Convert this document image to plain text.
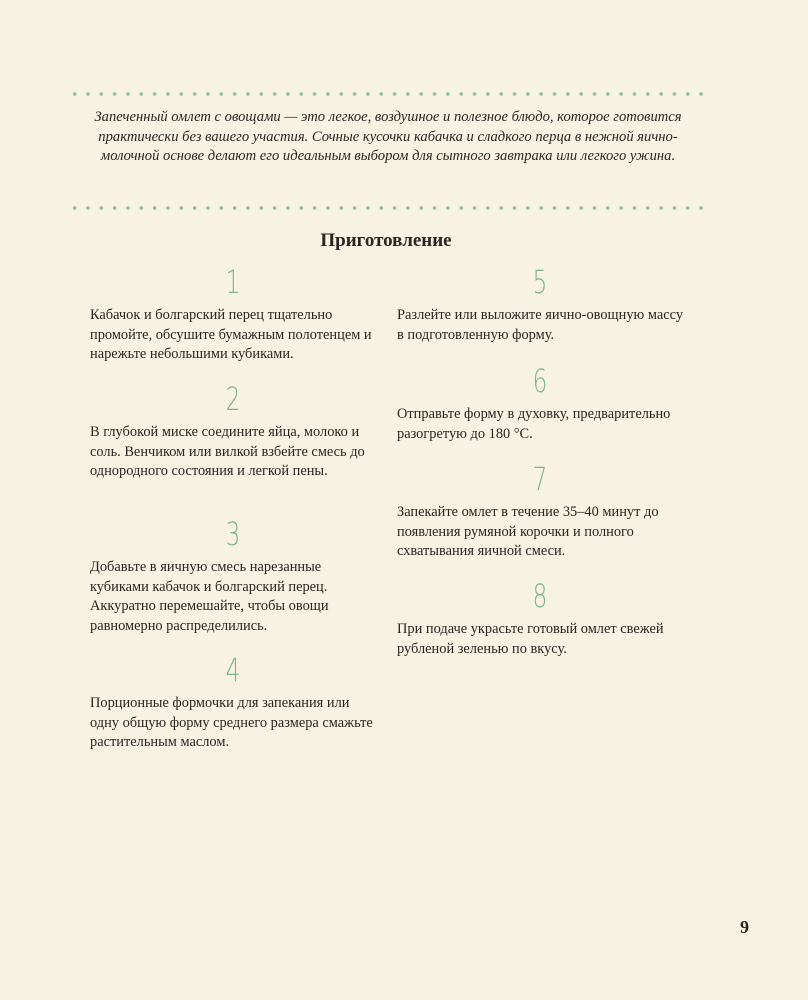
Запеченный омлет с овощами — это легкое, воздушное и полезное блюдо, которое готовится практически без вашего участия. Сочные кусочки кабачка и сладкого перца в нежной яично-молочной основе делают его идеальным выбором для сытного завтрака или легкого ужина.

Приготовление
1

Кабачок и болгарский перец тщательно промойте, обсушите бумажным полотенцем и нарежьте небольшими кубиками.

2

В глубокой миске соедините яйца, молоко и соль. Венчиком или вилкой взбейте смесь до однородного состояния и легкой пены.

3

Добавьте в яичную смесь нарезанные кубиками кабачок и болгарский перец. Аккуратно перемешайте, чтобы овощи равномерно распределились.

4

Порционные формочки для запекания или одну общую форму среднего размера смажьте растительным маслом.

5

Разлейте или выложите яично-овощную массу в подготовленную форму.

6

Отправьте форму в духовку, предварительно разогретую до 180 °С.

7

Запекайте омлет в течение 35–40 минут до появления румяной корочки и полного схватывания яичной смеси.

8

При подаче украсьте готовый омлет свежей рубленой зеленью по вкусу.

9
